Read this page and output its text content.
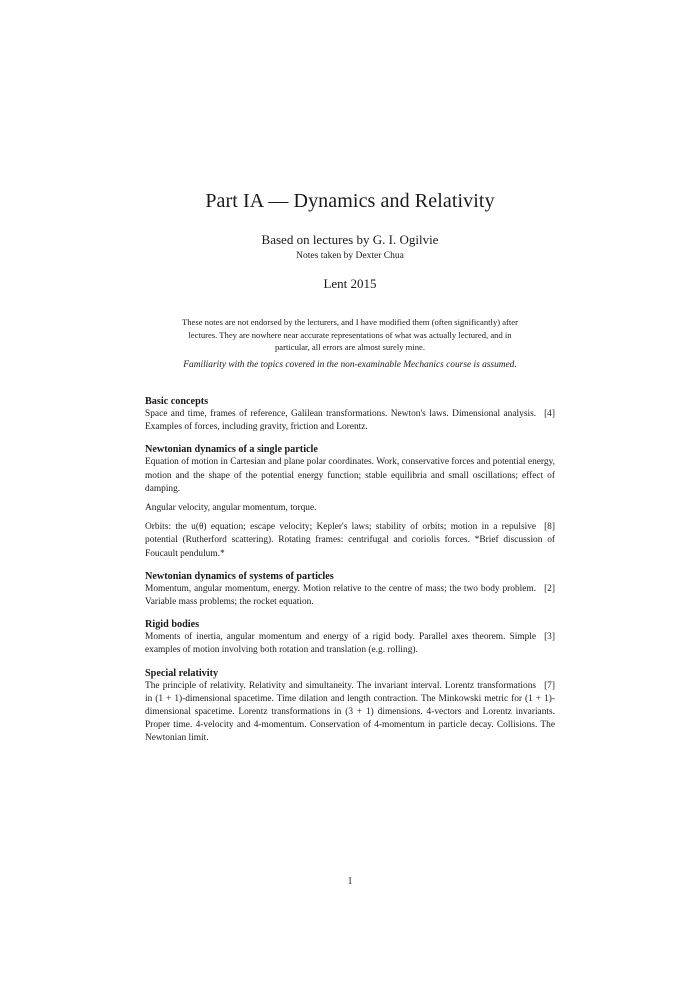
Part IA — Dynamics and Relativity
Based on lectures by G. I. Ogilvie
Notes taken by Dexter Chua
Lent 2015
These notes are not endorsed by the lecturers, and I have modified them (often significantly) after lectures. They are nowhere near accurate representations of what was actually lectured, and in particular, all errors are almost surely mine.
Familiarity with the topics covered in the non-examinable Mechanics course is assumed.
Basic concepts

[4]
Space and time, frames of reference, Galilean transformations. Newton's laws. Dimensional analysis. Examples of forces, including gravity, friction and Lorentz.

Newtonian dynamics of a single particle

Equation of motion in Cartesian and plane polar coordinates. Work, conservative forces and potential energy, motion and the shape of the potential energy function; stable equilibria and small oscillations; effect of damping.

Angular velocity, angular momentum, torque.

[8]
Orbits: the u(θ) equation; escape velocity; Kepler's laws; stability of orbits; motion in a repulsive potential (Rutherford scattering). Rotating frames: centrifugal and coriolis forces. *Brief discussion of Foucault pendulum.*

Newtonian dynamics of systems of particles

[2]
Momentum, angular momentum, energy. Motion relative to the centre of mass; the two body problem. Variable mass problems; the rocket equation.

Rigid bodies

[3]
Moments of inertia, angular momentum and energy of a rigid body. Parallel axes theorem. Simple examples of motion involving both rotation and translation (e.g. rolling).

Special relativity

[7]
The principle of relativity. Relativity and simultaneity. The invariant interval. Lorentz transformations in (1 + 1)-dimensional spacetime. Time dilation and length contraction. The Minkowski metric for (1 + 1)-dimensional spacetime. Lorentz transformations in (3 + 1) dimensions. 4-vectors and Lorentz invariants. Proper time. 4-velocity and 4-momentum. Conservation of 4-momentum in particle decay. Collisions. The Newtonian limit.

1
